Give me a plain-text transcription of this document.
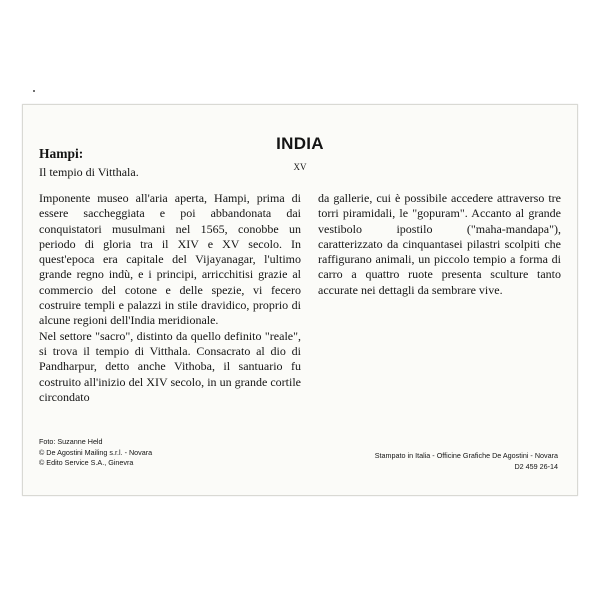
Hampi:
Il tempio di Vitthala.
INDIA
XV

Imponente museo all'aria aperta, Hampi, prima di essere saccheggiata e poi abbandonata dai conquistatori musulmani nel 1565, conobbe un periodo di gloria tra il XIV e XV secolo. In quest'epoca era capitale del Vijayanagar, l'ultimo grande regno indù, e i principi, arricchitisi grazie al commercio del cotone e delle spezie, vi fecero costruire templi e palazzi in stile dravidico, proprio di alcune regioni dell'India meridionale.

Nel settore "sacro", distinto da quello definito "reale", si trova il tempio di Vitthala. Consacrato al dio di Pandharpur, detto anche Vithoba, il santuario fu costruito all'inizio del XIV secolo, in un grande cortile circondato

da gallerie, cui è possibile accedere attraverso tre torri piramidali, le "gopuram". Accanto al grande vestibolo ipostilo ("maha-mandapa"), caratterizzato da cinquantasei pilastri scolpiti che raffigurano animali, un piccolo tempio a forma di carro a quattro ruote presenta sculture tanto accurate nei dettagli da sembrare vive.

Foto: Suzanne Held
© De Agostini Mailing s.r.l. - Novara
© Edito Service S.A., Ginevra
Stampato in Italia - Officine Grafiche De Agostini - Novara
D2 459 26-14
